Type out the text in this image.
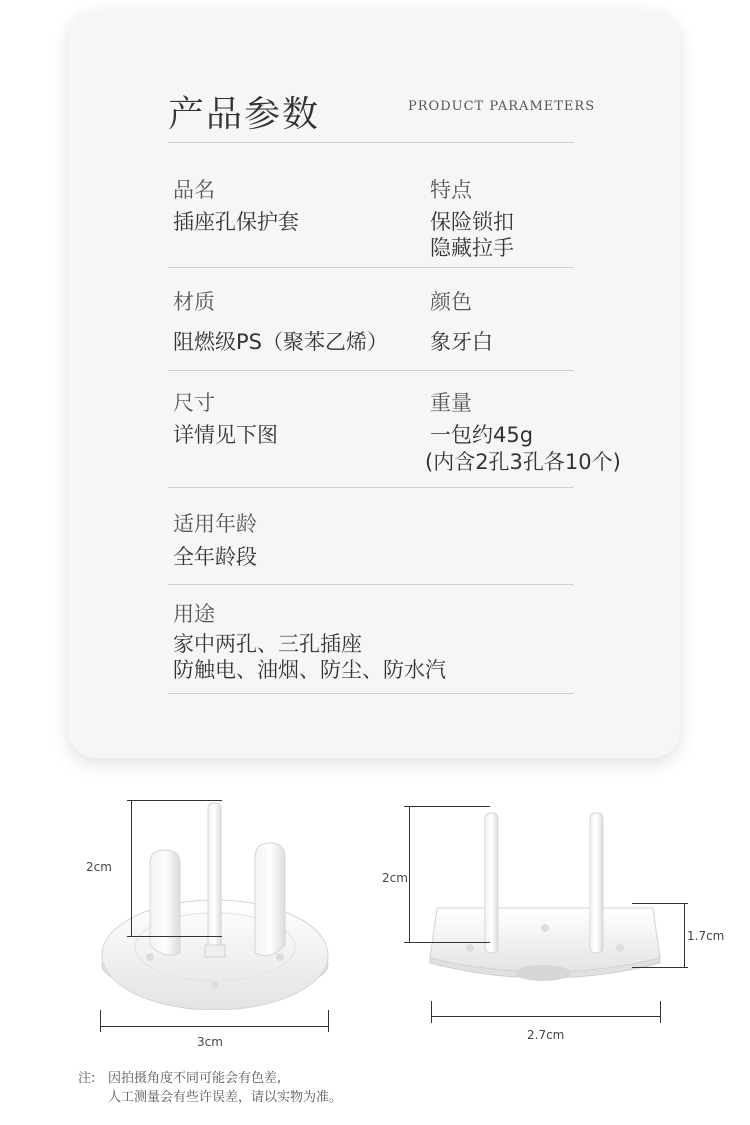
产品参数	PRODUCT PARAMETERS
品名
插座孔保护套
特点
保险锁扣
隐藏拉手
材质
阻燃级PS（聚苯乙烯）
颜色
象牙白
尺寸
详情见下图
重量
一包约45g
(内含2孔3孔各10个)
适用年龄
全年龄段
用途
家中两孔、三孔插座
防触电、油烟、防尘、防水汽
2cm
3cm
2cm
1.7cm
2.7cm
注: 因拍摄角度不同可能会有色差,
人工测量会有些许误差，请以实物为准。
